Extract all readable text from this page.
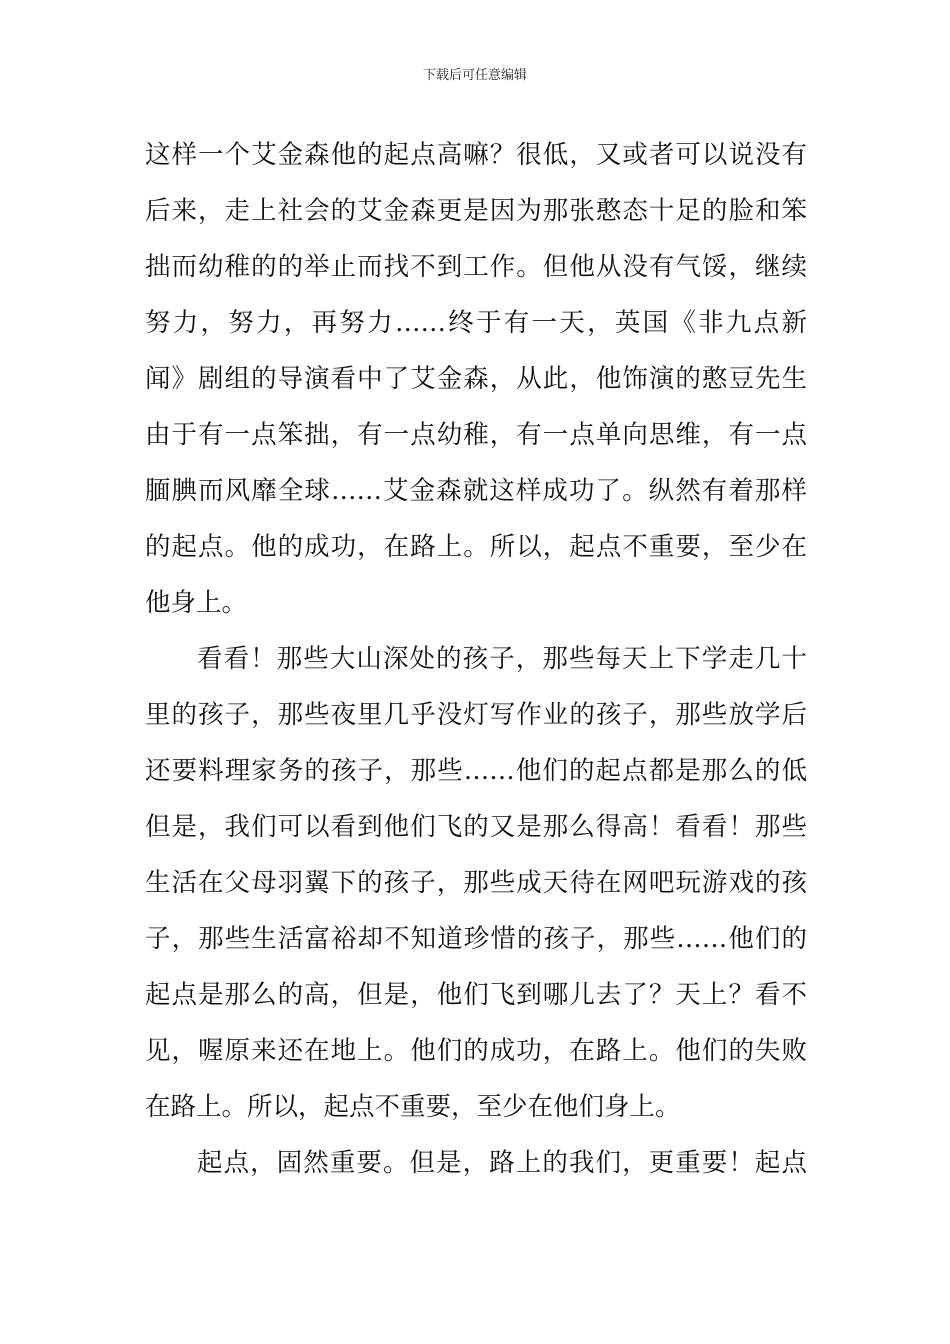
下载后可任意编辑
这样一个艾金森他的起点高嘛？很低，又或者可以说没有
后来，走上社会的艾金森更是因为那张憨态十足的脸和笨
拙而幼稚的的举止而找不到工作。但他从没有气馁，继续
努力，努力，再努力……终于有一天，英国《非九点新
闻》剧组的导演看中了艾金森，从此，他饰演的憨豆先生
由于有一点笨拙，有一点幼稚，有一点单向思维，有一点
腼腆而风靡全球……艾金森就这样成功了。纵然有着那样
的起点。他的成功，在路上。所以，起点不重要，至少在
他身上。
看看！那些大山深处的孩子，那些每天上下学走几十
里的孩子，那些夜里几乎没灯写作业的孩子，那些放学后
还要料理家务的孩子，那些……他们的起点都是那么的低
但是，我们可以看到他们飞的又是那么得高！看看！那些
生活在父母羽翼下的孩子，那些成天待在网吧玩游戏的孩
子，那些生活富裕却不知道珍惜的孩子，那些……他们的
起点是那么的高，但是，他们飞到哪儿去了？天上？看不
见，喔原来还在地上。他们的成功，在路上。他们的失败
在路上。所以，起点不重要，至少在他们身上。
起点，固然重要。但是，路上的我们，更重要！起点
